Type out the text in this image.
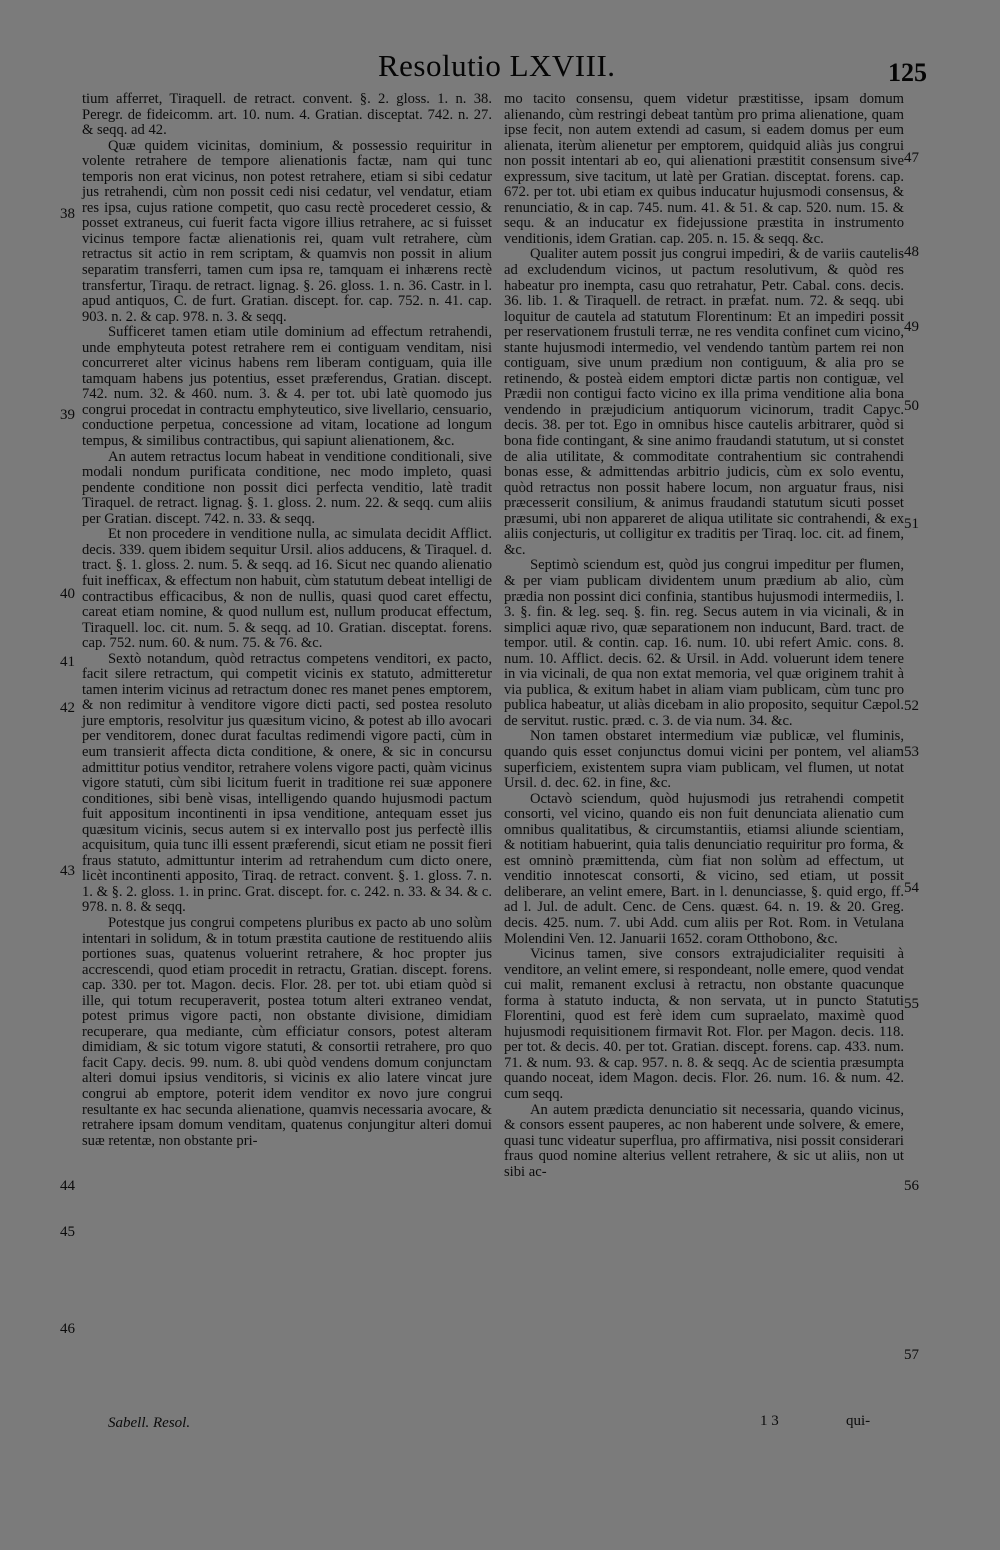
Resolutio LXVIII.	125

tium afferret, Tiraquell. de retract. convent. §. 2. gloss. 1. n. 38. Peregr. de fideicomm. art. 10. num. 4. Gratian. disceptat. 742. n. 27. & seqq. ad 42.

Quæ quidem vicinitas, dominium, & possessio requiritur in volente retrahere de tempore alienationis factæ, nam qui tunc temporis non erat vicinus, non potest retrahere, etiam si sibi cedatur jus retrahendi, cùm non possit cedi nisi cedatur, vel vendatur, etiam res ipsa, cujus ratione competit, quo casu rectè procederet cessio, & posset extraneus, cui fuerit facta vigore illius retrahere, ac si fuisset vicinus tempore factæ alienationis rei, quam vult retrahere, cùm retractus sit actio in rem scriptam, & quamvis non possit in alium separatim transferri, tamen cum ipsa re, tamquam ei inhærens rectè transfertur, Tiraqu. de retract. lignag. §. 26. gloss. 1. n. 36. Castr. in l. apud antiquos, C. de furt. Gratian. discept. for. cap. 752. n. 41. cap. 903. n. 2. & cap. 978. n. 3. & seqq.

Sufficeret tamen etiam utile dominium ad effectum retrahendi, unde emphyteuta potest retrahere rem ei contiguam venditam, nisi concurreret alter vicinus habens rem liberam contiguam, quia ille tamquam habens jus potentius, esset præferendus, Gratian. discept. 742. num. 32. & 460. num. 3. & 4. per tot. ubi latè quomodo jus congrui procedat in contractu emphyteutico, sive livellario, censuario, conductione perpetua, concessione ad vitam, locatione ad longum tempus, & similibus contractibus, qui sapiunt alienationem, &c.

An autem retractus locum habeat in venditione conditionali, sive modali nondum purificata conditione, nec modo impleto, quasi pendente conditione non possit dici perfecta venditio, latè tradit Tiraquel. de retract. lignag. §. 1. gloss. 2. num. 22. & seqq. cum aliis per Gratian. discept. 742. n. 33. & seqq.

Et non procedere in venditione nulla, ac simulata decidit Afflict. decis. 339. quem ibidem sequitur Ursil. alios adducens, & Tiraquel. d. tract. §. 1. gloss. 2. num. 5. & seqq. ad 16. Sicut nec quando alienatio fuit inefficax, & effectum non habuit, cùm statutum debeat intelligi de contractibus efficacibus, & non de nullis, quasi quod caret effectu, careat etiam nomine, & quod nullum est, nullum producat effectum, Tiraquell. loc. cit. num. 5. & seqq. ad 10. Gratian. disceptat. forens. cap. 752. num. 60. & num. 75. & 76. &c.

Sextò notandum, quòd retractus competens venditori, ex pacto, facit silere retractum, qui competit vicinis ex statuto, admitteretur tamen interim vicinus ad retractum donec res manet penes emptorem, & non redimitur à venditore vigore dicti pacti, sed postea resoluto jure emptoris, resolvitur jus quæsitum vicino, & potest ab illo avocari per venditorem, donec durat facultas redimendi vigore pacti, cùm in eum transierit affecta dicta conditione, & onere, & sic in concursu admittitur potius venditor, retrahere volens vigore pacti, quàm vicinus vigore statuti, cùm sibi licitum fuerit in traditione rei suæ apponere conditiones, sibi benè visas, intelligendo quando hujusmodi pactum fuit appositum incontinenti in ipsa venditione, antequam esset jus quæsitum vicinis, secus autem si ex intervallo post jus perfectè illis acquisitum, quia tunc illi essent præferendi, sicut etiam ne possit fieri fraus statuto, admittuntur interim ad retrahendum cum dicto onere, licèt incontinenti apposito, Tiraq. de retract. convent. §. 1. gloss. 7. n. 1. & §. 2. gloss. 1. in princ. Grat. discept. for. c. 242. n. 33. & 34. & c. 978. n. 8. & seqq.

Potestque jus congrui competens pluribus ex pacto ab uno solùm intentari in solidum, & in totum præstita cautione de restituendo aliis portiones suas, quatenus voluerint retrahere, & hoc propter jus accrescendi, quod etiam procedit in retractu, Gratian. discept. forens. cap. 330. per tot. Magon. decis. Flor. 28. per tot. ubi etiam quòd si ille, qui totum recuperaverit, postea totum alteri extraneo vendat, potest primus vigore pacti, non obstante divisione, dimidiam recuperare, qua mediante, cùm efficiatur consors, potest alteram dimidiam, & sic totum vigore statuti, & consortii retrahere, pro quo facit Capy. decis. 99. num. 8. ubi quòd vendens domum conjunctam alteri domui ipsius venditoris, si vicinis ex alio latere vincat jure congrui ab emptore, poterit idem venditor ex novo jure congrui resultante ex hac secunda alienatione, quamvis necessaria avocare, & retrahere ipsam domum venditam, quatenus conjungitur alteri domui suæ retentæ, non obstante pri-

mo tacito consensu, quem videtur præstitisse, ipsam domum alienando, cùm restringi debeat tantùm pro prima alienatione, quam ipse fecit, non autem extendi ad casum, si eadem domus per eum alienata, iterùm alienetur per emptorem, quidquid aliàs jus congrui non possit intentari ab eo, qui alienationi præstitit consensum sive expressum, sive tacitum, ut latè per Gratian. disceptat. forens. cap. 672. per tot. ubi etiam ex quibus inducatur hujusmodi consensus, & renunciatio, & in cap. 745. num. 41. & 51. & cap. 520. num. 15. & sequ. & an inducatur ex fidejussione præstita in instrumento venditionis, idem Gratian. cap. 205. n. 15. & seqq. &c.

Qualiter autem possit jus congrui impediri, & de variis cautelis ad excludendum vicinos, ut pactum resolutivum, & quòd res habeatur pro inempta, casu quo retrahatur, Petr. Cabal. cons. decis. 36. lib. 1. & Tiraquell. de retract. in præfat. num. 72. & seqq. ubi loquitur de cautela ad statutum Florentinum: Et an impediri possit per reservationem frustuli terræ, ne res vendita confinet cum vicino, stante hujusmodi intermedio, vel vendendo tantùm partem rei non contiguam, sive unum prædium non contiguum, & alia pro se retinendo, & posteà eidem emptori dictæ partis non contiguæ, vel Prædii non contigui facto vicino ex illa prima venditione alia bona vendendo in præjudicium antiquorum vicinorum, tradit Capyc. decis. 38. per tot. Ego in omnibus hisce cautelis arbitrarer, quòd si bona fide contingant, & sine animo fraudandi statutum, ut si constet de alia utilitate, & commoditate contrahentium sic contrahendi bonas esse, & admittendas arbitrio judicis, cùm ex solo eventu, quòd retractus non possit habere locum, non arguatur fraus, nisi præcesserit consilium, & animus fraudandi statutum sicuti posset præsumi, ubi non appareret de aliqua utilitate sic contrahendi, & ex aliis conjecturis, ut colligitur ex traditis per Tiraq. loc. cit. ad finem, &c.

Septimò sciendum est, quòd jus congrui impeditur per flumen, & per viam publicam dividentem unum prædium ab alio, cùm prædia non possint dici confinia, stantibus hujusmodi intermediis, l. 3. §. fin. & leg. seq. §. fin. reg. Secus autem in via vicinali, & in simplici aquæ rivo, quæ separationem non inducunt, Bard. tract. de tempor. util. & contin. cap. 16. num. 10. ubi refert Amic. cons. 8. num. 10. Afflict. decis. 62. & Ursil. in Add. voluerunt idem tenere in via vicinali, de qua non extat memoria, vel quæ originem trahit à via publica, & exitum habet in aliam viam publicam, cùm tunc pro publica habeatur, ut aliàs dicebam in alio proposito, sequitur Cæpol. de servitut. rustic. præd. c. 3. de via num. 34. &c.

Non tamen obstaret intermedium viæ publicæ, vel fluminis, quando quis esset conjunctus domui vicini per pontem, vel aliam superficiem, existentem supra viam publicam, vel flumen, ut notat Ursil. d. dec. 62. in fine, &c.

Octavò sciendum, quòd hujusmodi jus retrahendi competit consorti, vel vicino, quando eis non fuit denunciata alienatio cum omnibus qualitatibus, & circumstantiis, etiamsi aliunde scientiam, & notitiam habuerint, quia talis denunciatio requiritur pro forma, & est omninò præmittenda, cùm fiat non solùm ad effectum, ut venditio innotescat consorti, & vicino, sed etiam, ut possit deliberare, an velint emere, Bart. in l. denunciasse, §. quid ergo, ff. ad l. Jul. de adult. Cenc. de Cens. quæst. 64. n. 19. & 20. Greg. decis. 425. num. 7. ubi Add. cum aliis per Rot. Rom. in Vetulana Molendini Ven. 12. Januarii 1652. coram Otthobono, &c.

Vicinus tamen, sive consors extrajudicialiter requisiti à venditore, an velint emere, si respondeant, nolle emere, quod vendat cui malit, remanent exclusi à retractu, non obstante quacunque forma à statuto inducta, & non servata, ut in puncto Statuti Florentini, quod est ferè idem cum supraelato, maximè quod hujusmodi requisitionem firmavit Rot. Flor. per Magon. decis. 118. per tot. & decis. 40. per tot. Gratian. discept. forens. cap. 433. num. 71. & num. 93. & cap. 957. n. 8. & seqq. Ac de scientia præsumpta quando noceat, idem Magon. decis. Flor. 26. num. 16. & num. 42. cum seqq.

An autem prædicta denunciatio sit necessaria, quando vicinus, & consors essent pauperes, ac non haberent unde solvere, & emere, quasi tunc videatur superflua, pro affirmativa, nisi possit considerari fraus quod nomine alterius vellent retrahere, & sic ut aliis, non ut sibi ac-

38
39
40
41
42
43
44
45
46
47
48
49
50
51
52
53
54
55
56
57
Sabell. Resol.	1 3	qui-
